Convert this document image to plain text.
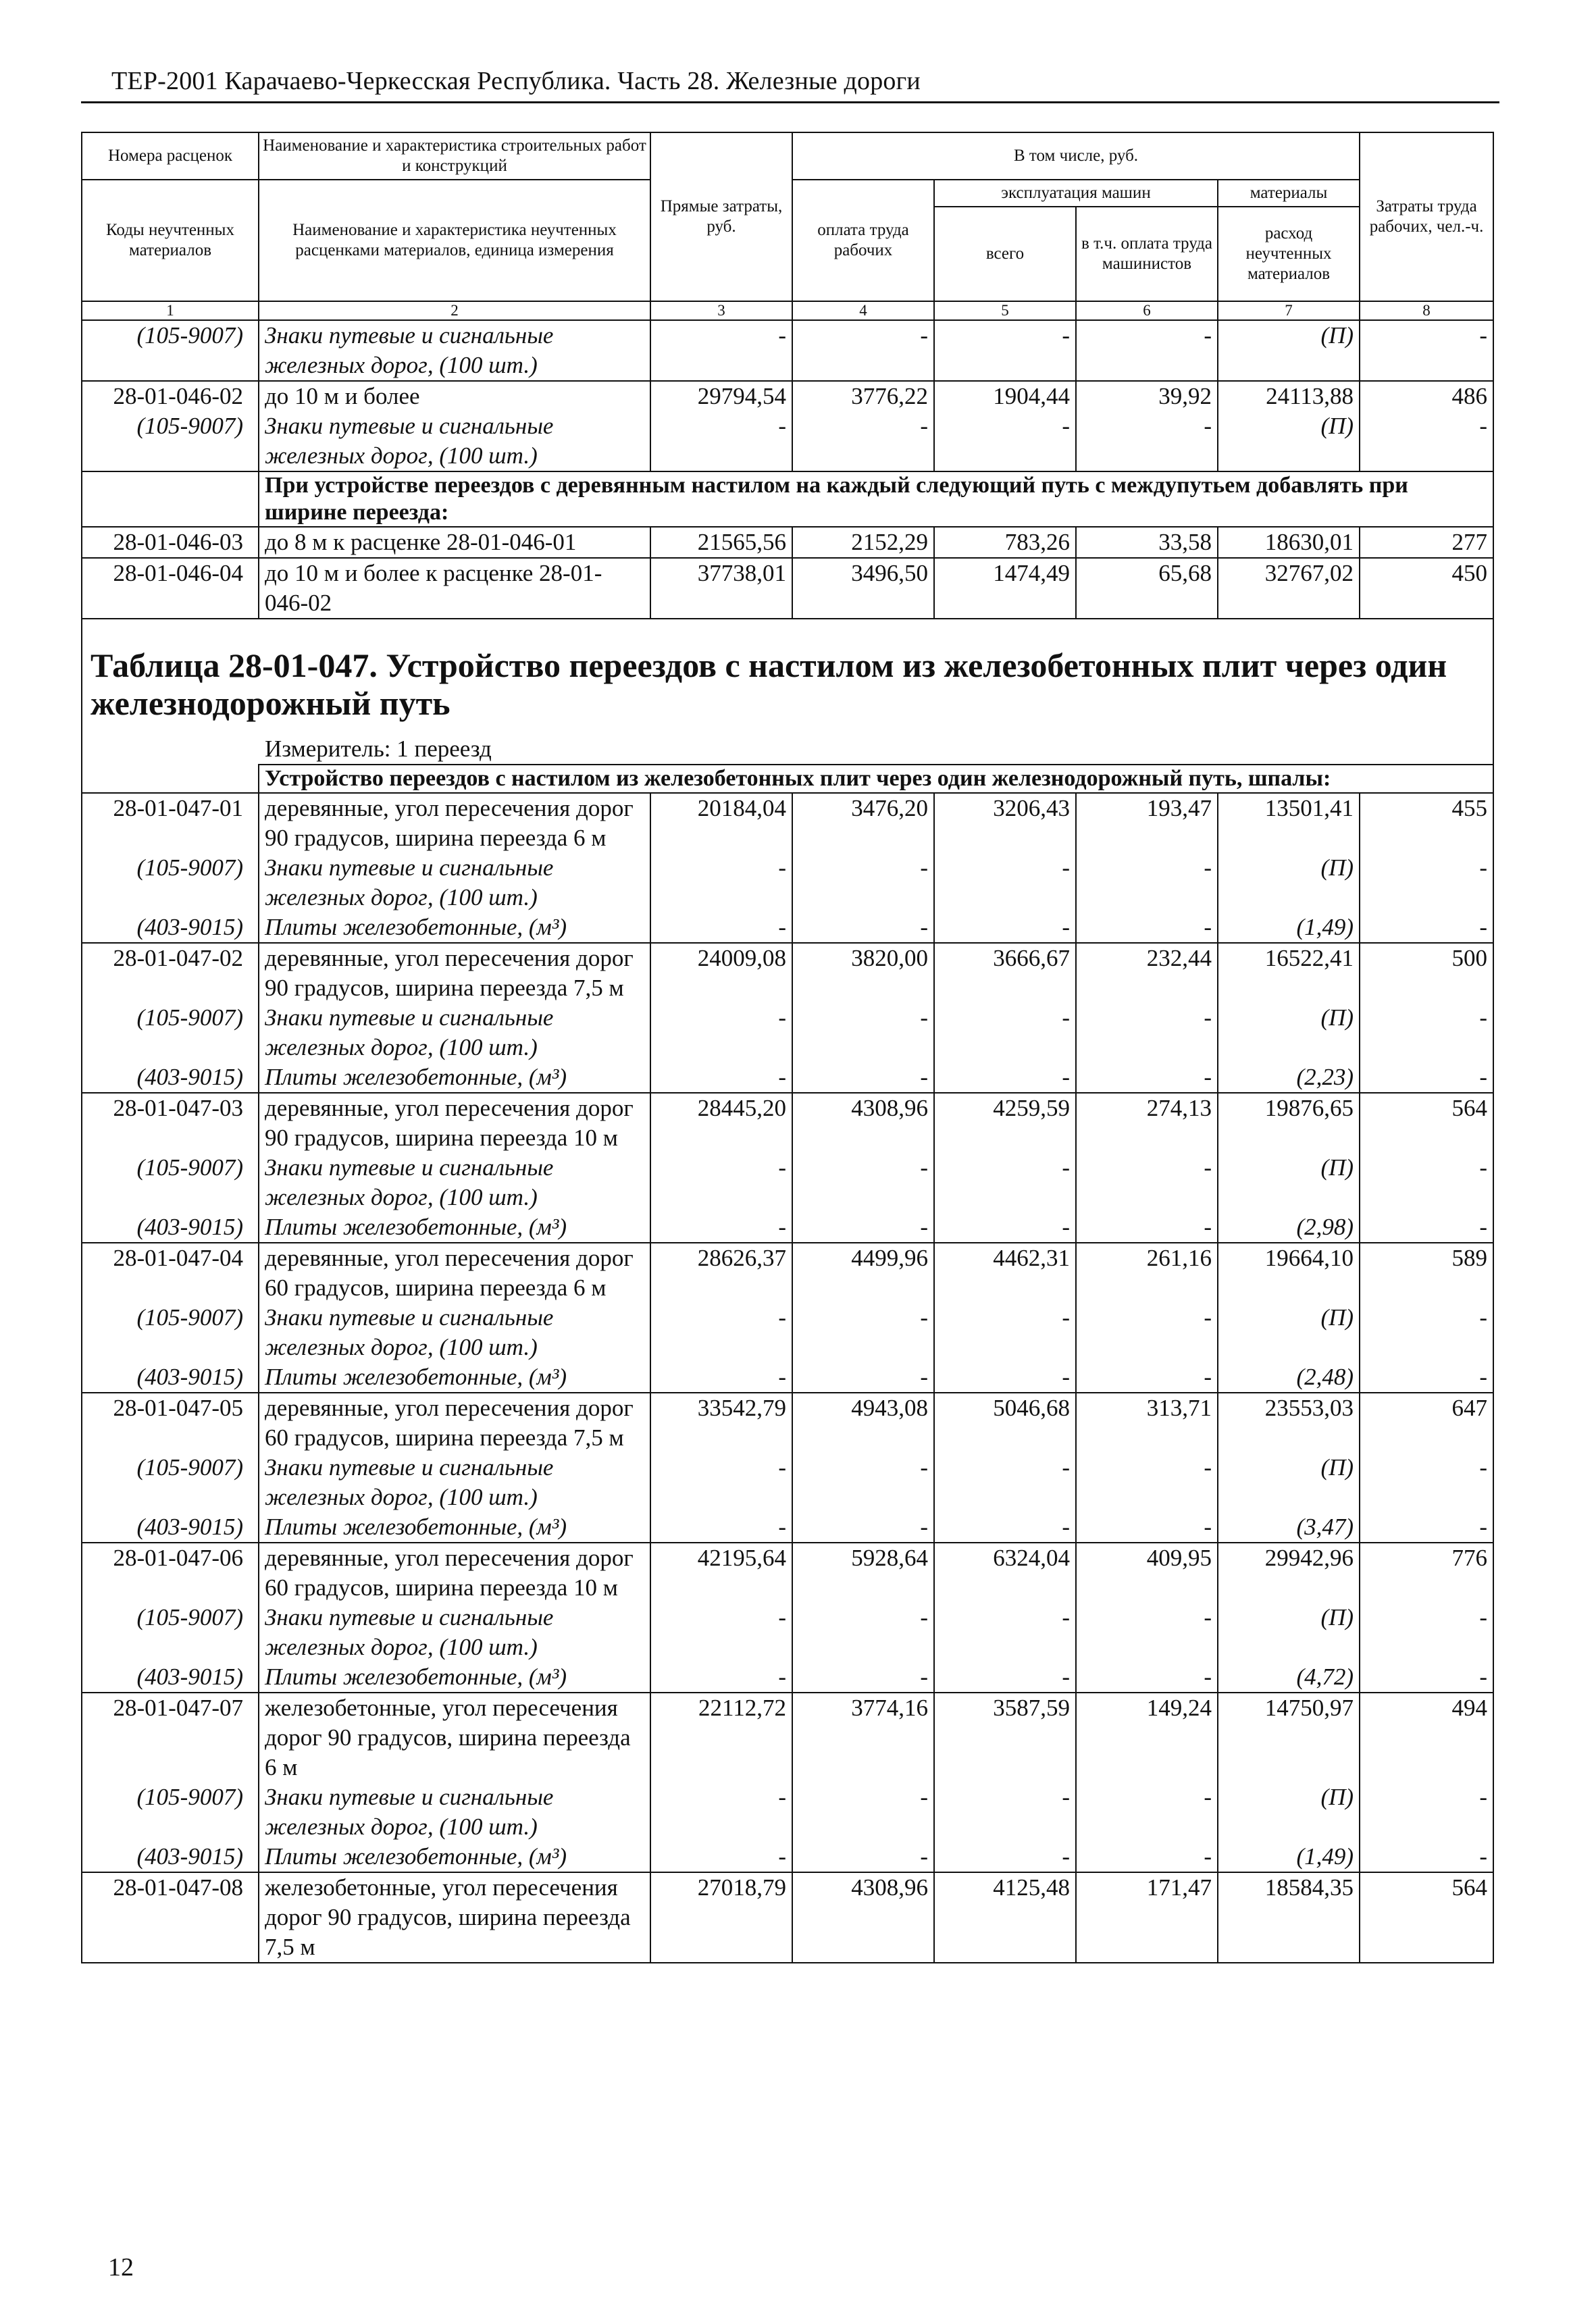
ТЕР-2001 Карачаево-Черкесская Республика. Часть 28. Железные дороги
Номера расценок	Наименование и характеристика строительных работ и конструкций	Прямые затраты, руб.	В том числе, руб.				Затраты труда рабочих, чел.-ч.
Коды неучтенных материалов	Наименование и характеристика неучтенных расценками материалов, единица измерения		оплата труда рабочих	эксплуатация машин		материалы	
				всего	в т.ч. оплата труда машинистов	расход неучтенных материалов	
1	2	3	4	5	6	7	8
(105-9007)	Знаки путевые и сигнальные железных дорог, (100 шт.)	-	-	-	-	(П)	-
28-01-046-02	до 10 м и более	29794,54	3776,22	1904,44	39,92	24113,88	486
(105-9007)	Знаки путевые и сигнальные железных дорог, (100 шт.)	-	-	-	-	(П)	-
	При устройстве переездов с деревянным настилом на каждый следующий путь с междупутьем добавлять при ширине переезда:						
28-01-046-03	до 8 м к расценке 28-01-046-01	21565,56	2152,29	783,26	33,58	18630,01	277
28-01-046-04	до 10 м и более к расценке 28-01-046-02	37738,01	3496,50	1474,49	65,68	32767,02	450

Таблица 28-01-047. Устройство переездов с настилом из железобетонных плит через один железнодорожный путь
Измеритель: 1 переезд							

	Устройство переездов с настилом из железобетонных плит через один железнодорожный путь, шпалы:						
28-01-047-01	деревянные, угол пересечения дорог 90 градусов, ширина переезда 6 м	20184,04	3476,20	3206,43	193,47	13501,41	455
(105-9007)	Знаки путевые и сигнальные железных дорог, (100 шт.)	-	-	-	-	(П)	-
(403-9015)	Плиты железобетонные, (м³)	-	-	-	-	(1,49)	-
28-01-047-02	деревянные, угол пересечения дорог 90 градусов, ширина переезда 7,5 м	24009,08	3820,00	3666,67	232,44	16522,41	500
(105-9007)	Знаки путевые и сигнальные железных дорог, (100 шт.)	-	-	-	-	(П)	-
(403-9015)	Плиты железобетонные, (м³)	-	-	-	-	(2,23)	-
28-01-047-03	деревянные, угол пересечения дорог 90 градусов, ширина переезда 10 м	28445,20	4308,96	4259,59	274,13	19876,65	564
(105-9007)	Знаки путевые и сигнальные железных дорог, (100 шт.)	-	-	-	-	(П)	-
(403-9015)	Плиты железобетонные, (м³)	-	-	-	-	(2,98)	-
28-01-047-04	деревянные, угол пересечения дорог 60 градусов, ширина переезда 6 м	28626,37	4499,96	4462,31	261,16	19664,10	589
(105-9007)	Знаки путевые и сигнальные железных дорог, (100 шт.)	-	-	-	-	(П)	-
(403-9015)	Плиты железобетонные, (м³)	-	-	-	-	(2,48)	-
28-01-047-05	деревянные, угол пересечения дорог 60 градусов, ширина переезда 7,5 м	33542,79	4943,08	5046,68	313,71	23553,03	647
(105-9007)	Знаки путевые и сигнальные железных дорог, (100 шт.)	-	-	-	-	(П)	-
(403-9015)	Плиты железобетонные, (м³)	-	-	-	-	(3,47)	-
28-01-047-06	деревянные, угол пересечения дорог 60 градусов, ширина переезда 10 м	42195,64	5928,64	6324,04	409,95	29942,96	776
(105-9007)	Знаки путевые и сигнальные железных дорог, (100 шт.)	-	-	-	-	(П)	-
(403-9015)	Плиты железобетонные, (м³)	-	-	-	-	(4,72)	-
28-01-047-07	железобетонные, угол пересечения дорог 90 градусов, ширина переезда 6 м	22112,72	3774,16	3587,59	149,24	14750,97	494
(105-9007)	Знаки путевые и сигнальные железных дорог, (100 шт.)	-	-	-	-	(П)	-
(403-9015)	Плиты железобетонные, (м³)	-	-	-	-	(1,49)	-
28-01-047-08	железобетонные, угол пересечения дорог 90 градусов, ширина переезда 7,5 м	27018,79	4308,96	4125,48	171,47	18584,35	564
12
